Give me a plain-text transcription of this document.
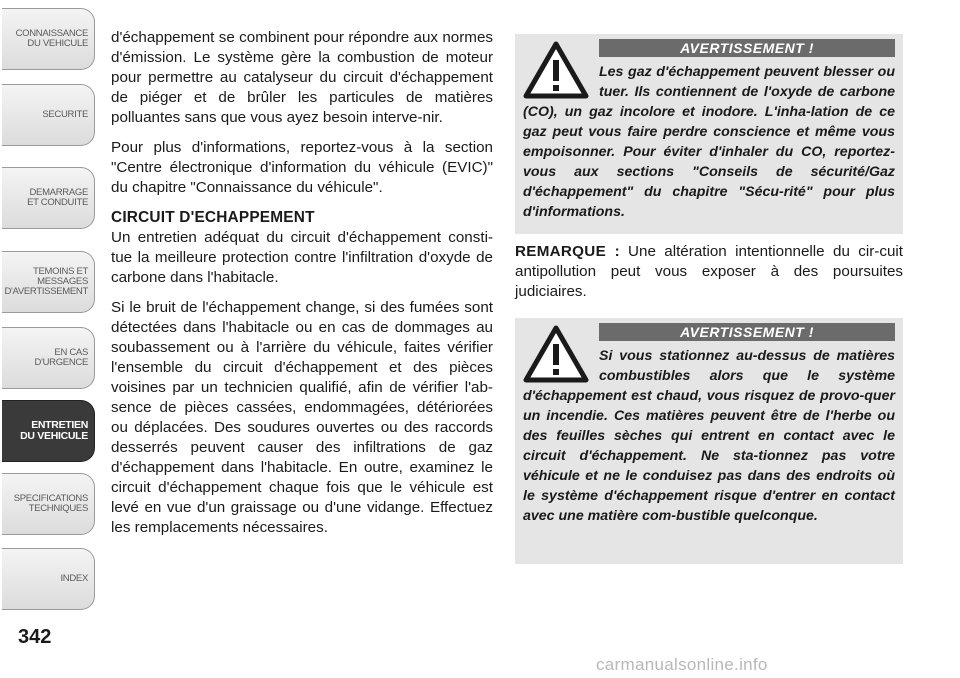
CONNAISSANCE
DU VEHICULE
SECURITE
DEMARRAGE
ET CONDUITE
TEMOINS ET
MESSAGES
D'AVERTISSEMENT
EN CAS
D'URGENCE
ENTRETIEN
DU VEHICULE
SPECIFICATIONS
TECHNIQUES
INDEX
342

d'échappement se combinent pour répondre aux normes d'émission. Le système gère la combustion de moteur pour permettre au catalyseur du circuit d'échappement de piéger et de brûler les particules de matières polluantes sans que vous ayez besoin interve-nir.

Pour plus d'informations, reportez-vous à la section "Centre électronique d'information du véhicule (EVIC)" du chapitre "Connaissance du véhicule".

CIRCUIT D'ECHAPPEMENT

Un entretien adéquat du circuit d'échappement consti-tue la meilleure protection contre l'infiltration d'oxyde de carbone dans l'habitacle.

Si le bruit de l'échappement change, si des fumées sont détectées dans l'habitacle ou en cas de dommages au soubassement ou à l'arrière du véhicule, faites vérifier l'ensemble du circuit d'échappement et des pièces voisines par un technicien qualifié, afin de vérifier l'ab-sence de pièces cassées, endommagées, détériorées ou déplacées. Des soudures ouvertes ou des raccords desserrés peuvent causer des infiltrations de gaz d'échappement dans l'habitacle. En outre, examinez le circuit d'échappement chaque fois que le véhicule est levé en vue d'un graissage ou d'une vidange. Effectuez les remplacements nécessaires.

AVERTISSEMENT !
Les gaz d'échappement peuvent blesser ou tuer. Ils contiennent de l'oxyde de carbone (CO), un gaz incolore et inodore. L'inha-lation de ce gaz peut vous faire perdre conscience et même vous empoisonner. Pour éviter d'inhaler du CO, reportez-vous aux sections "Conseils de sécurité/Gaz d'échappement" du chapitre "Sécu-rité" pour plus d'informations.
REMARQUE : Une altération intentionnelle du cir-cuit antipollution peut vous exposer à des poursuites judiciaires.
AVERTISSEMENT !
Si vous stationnez au-dessus de matières combustibles alors que le système d'échappement est chaud, vous risquez de provo-quer un incendie. Ces matières peuvent être de l'herbe ou des feuilles sèches qui entrent en contact avec le circuit d'échappement. Ne sta-tionnez pas votre véhicule et ne le conduisez pas dans des endroits où le système d'échappement risque d'entrer en contact avec une matière com-bustible quelconque.
carmanualsonline.info
